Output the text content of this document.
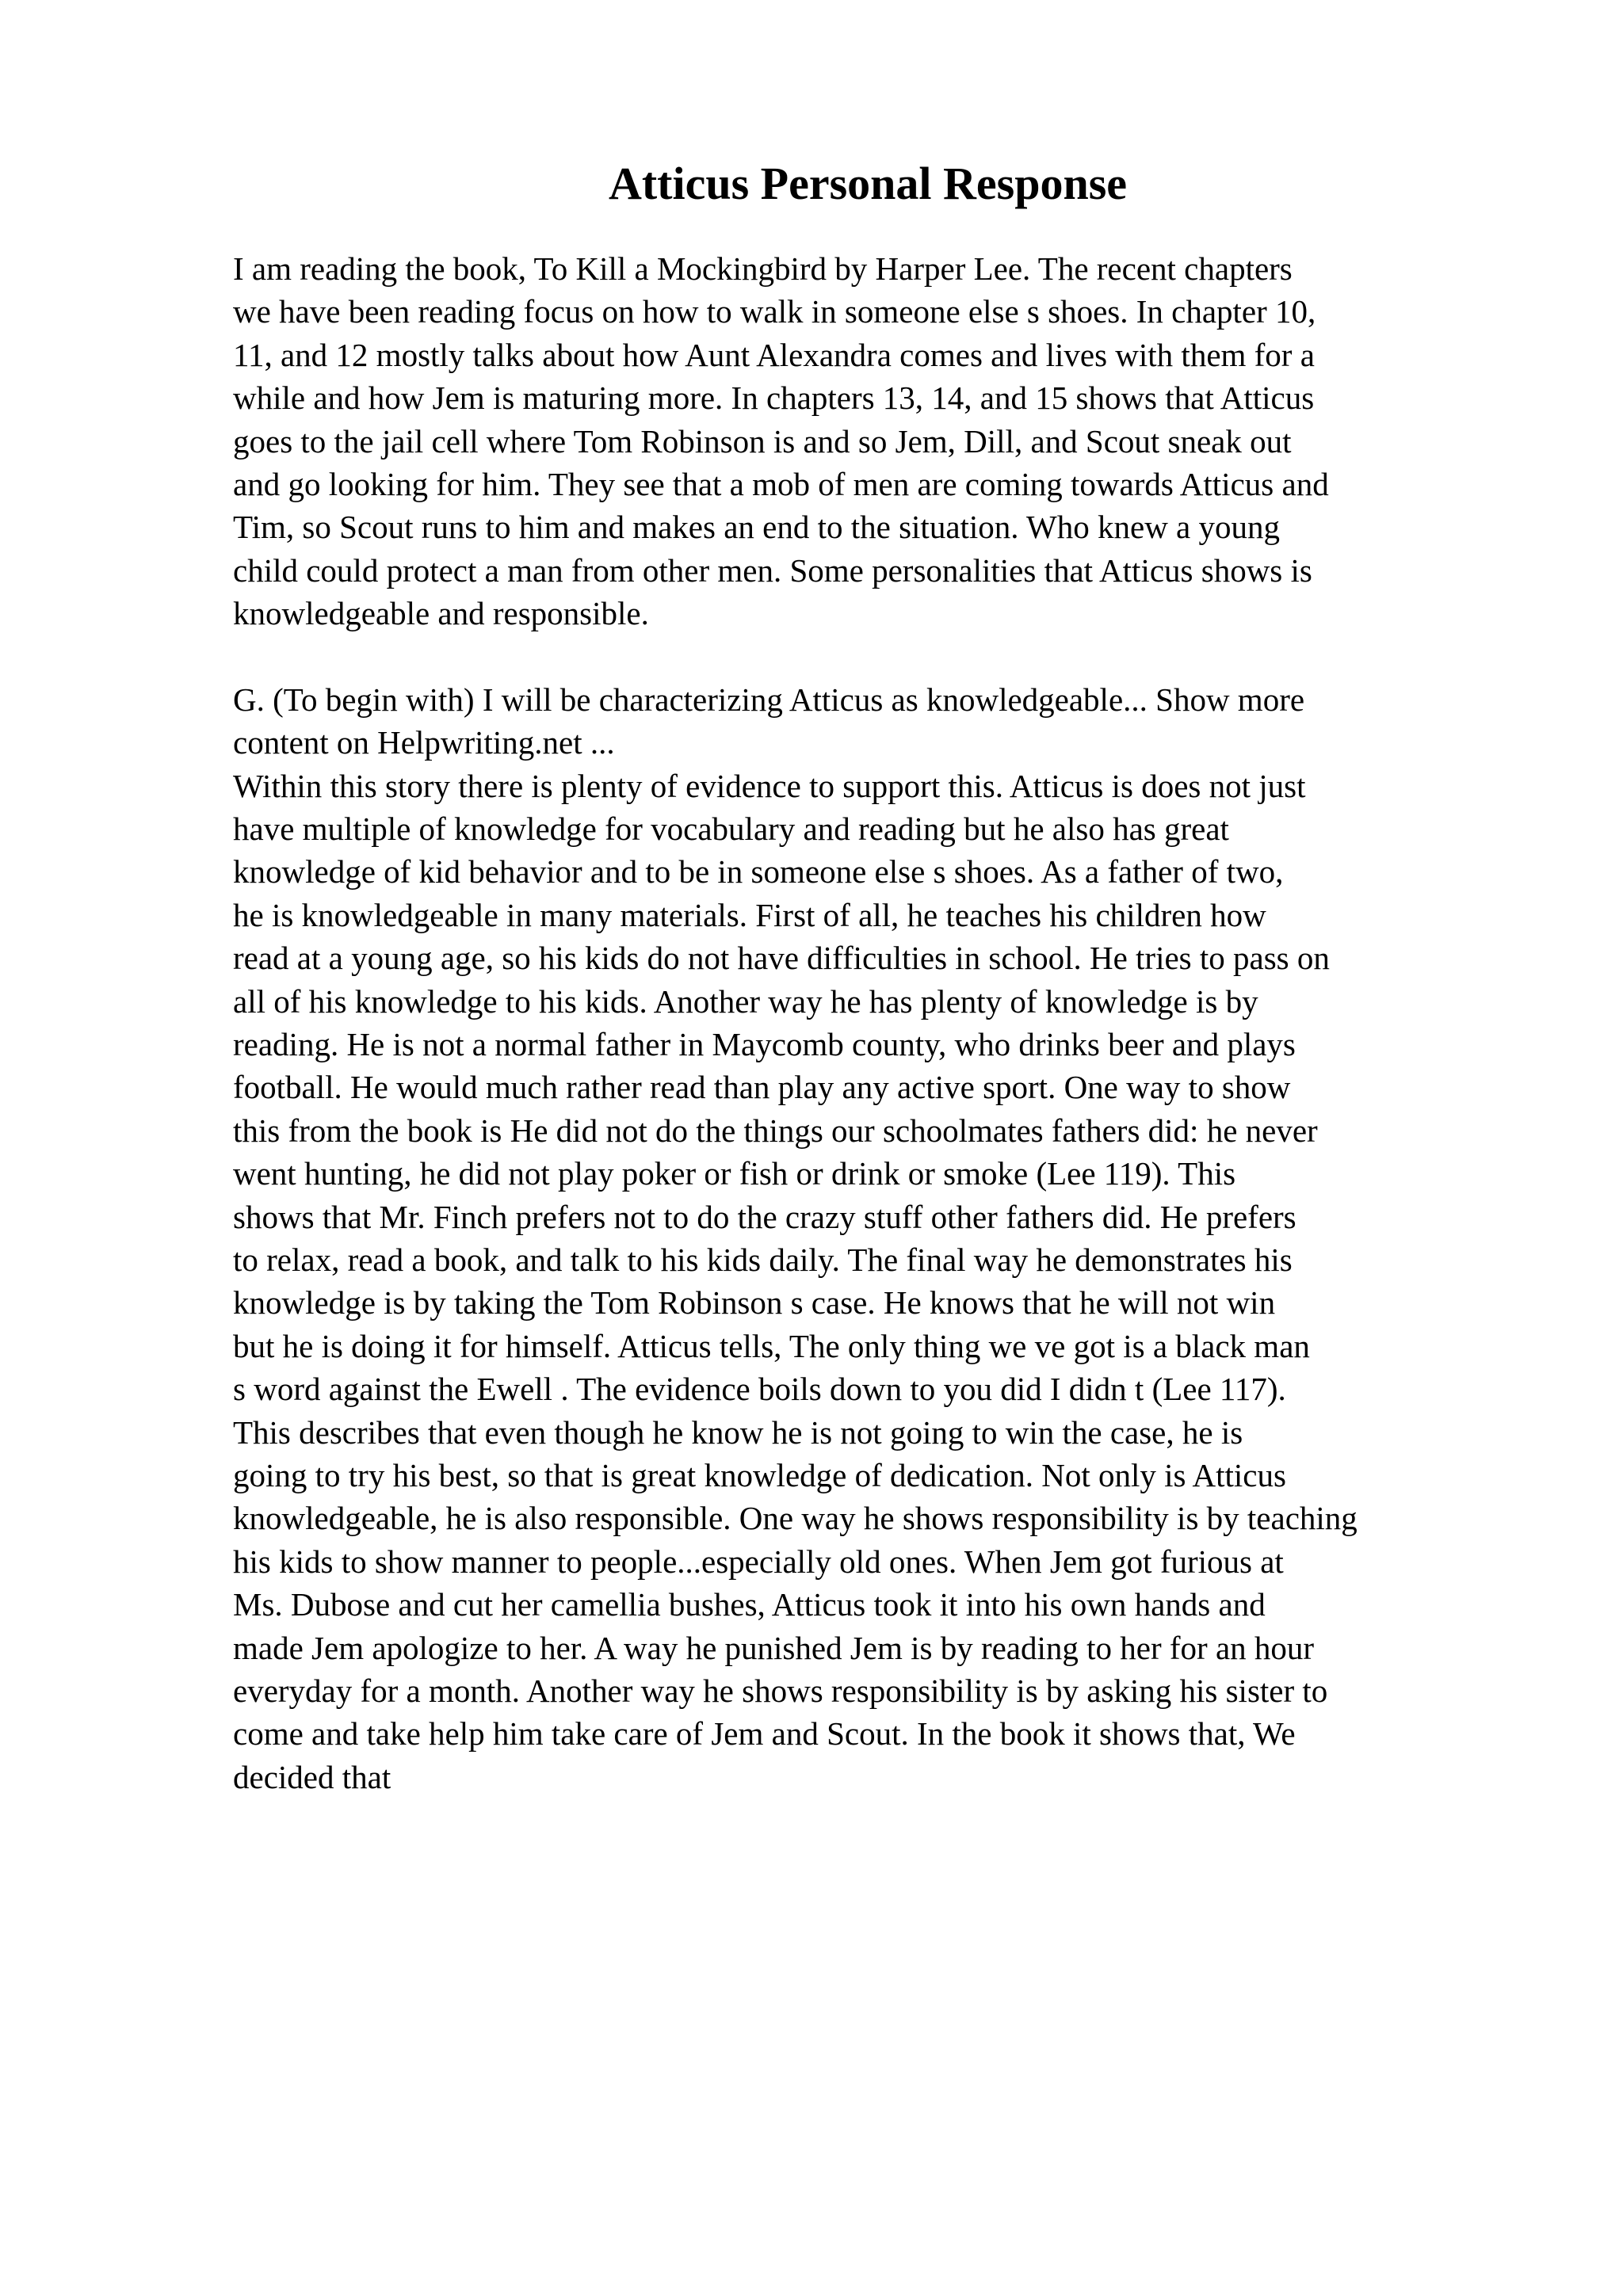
Atticus Personal Response
I am reading the book, To Kill a Mockingbird by Harper Lee. The recent chapters
we have been reading focus on how to walk in someone else s shoes. In chapter 10,
11, and 12 mostly talks about how Aunt Alexandra comes and lives with them for a
while and how Jem is maturing more. In chapters 13, 14, and 15 shows that Atticus
goes to the jail cell where Tom Robinson is and so Jem, Dill, and Scout sneak out
and go looking for him. They see that a mob of men are coming towards Atticus and
Tim, so Scout runs to him and makes an end to the situation. Who knew a young
child could protect a man from other men. Some personalities that Atticus shows is
knowledgeable and responsible.
G. (To begin with) I will be characterizing Atticus as knowledgeable... Show more
content on Helpwriting.net ...
Within this story there is plenty of evidence to support this. Atticus is does not just
have multiple of knowledge for vocabulary and reading but he also has great
knowledge of kid behavior and to be in someone else s shoes. As a father of two,
he is knowledgeable in many materials. First of all, he teaches his children how
read at a young age, so his kids do not have difficulties in school. He tries to pass on
all of his knowledge to his kids. Another way he has plenty of knowledge is by
reading. He is not a normal father in Maycomb county, who drinks beer and plays
football. He would much rather read than play any active sport. One way to show
this from the book is He did not do the things our schoolmates fathers did: he never
went hunting, he did not play poker or fish or drink or smoke (Lee 119). This
shows that Mr. Finch prefers not to do the crazy stuff other fathers did. He prefers
to relax, read a book, and talk to his kids daily. The final way he demonstrates his
knowledge is by taking the Tom Robinson s case. He knows that he will not win
but he is doing it for himself. Atticus tells, The only thing we ve got is a black man
s word against the Ewell . The evidence boils down to you did I didn t (Lee 117).
This describes that even though he know he is not going to win the case, he is
going to try his best, so that is great knowledge of dedication. Not only is Atticus
knowledgeable, he is also responsible. One way he shows responsibility is by teaching
his kids to show manner to people...especially old ones. When Jem got furious at
Ms. Dubose and cut her camellia bushes, Atticus took it into his own hands and
made Jem apologize to her. A way he punished Jem is by reading to her for an hour
everyday for a month. Another way he shows responsibility is by asking his sister to
come and take help him take care of Jem and Scout. In the book it shows that, We
decided that
